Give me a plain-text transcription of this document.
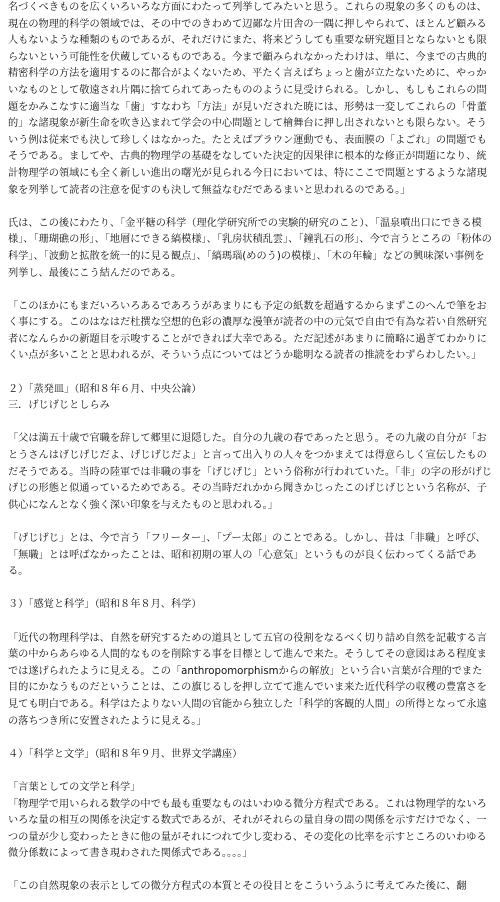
名づくべきものを広くいろいろな方面にわたって列挙してみたいと思う。これらの現象の多くのものは、現在の物理的科学の領域では、その中でのきわめて辺鄙な片田舎の一隅に押しやられて、ほとんど顧みる人もないような種類のものであるが、それだけにまた、将来どうしても重要な研究題目とならないとも限らないという可能性を伏蔵しているものである。今まで顧みられなかったわけは、単に、今までの古典的精密科学の方法を適用するのに都合がよくないため、平たく言えばちょっと歯が立たないために、やっかいなものとして敬遠され片隅に捨てられてあったもののように見受けられる。しかし、もしもこれらの問題をかみこなすに適当な「歯」すなわち「方法」が見いだされた暁には、形勢は一変してこれらの「骨董的」な諸現象が新生命を吹き込まれて学会の中心問題として檜舞台に押し出されないとも限らない。そういう例は従来でも決して珍しくはなかった。たとえばブラウン運動でも、表面膜の「よごれ」の問題でもそうである。ましてや、古典的物理学の基礎をなしていた決定的因果律に根本的な修正が問題になり、統計物理学の領域にも全く新しい進出の曙光が見られる今日においては、特にここで問題とするような諸現象を列挙して読者の注意を促すのも決して無益なむだであるまいと思われるのである。」

氏は、この後にわたり、「金平糖の科学（理化学研究所での実験的研究のこと）、「温泉噴出口にできる模様」、「珊瑚礁の形」、「地層にできる縞模様」、「乳房状積乱雲」、「鐘乳石の形」、今で言うところの「粉体の科学」、「波動と拡散を統一的に見る観点」、「縞瑪瑙(めのう)の模様」、「木の年輪」などの興味深い事例を列挙し、最後にこう結んだのである。

「このほかにもまだいろいろあるであろうがあまりにも予定の紙数を超過するからまずこのへんで筆をおく事にする。このはなはだ杜撰な空想的色彩の濃厚な漫筆が読者の中の元気で自由で有為な若い自然研究者になんらかの新題目を示唆することができれば大幸である。ただ記述があまりに簡略に過ぎてわかりにくい点が多いことと思われるが、そういう点についてはどうか聡明なる読者の推読をわずらわしたい。」

２）「蒸発皿」（昭和８年６月、中央公論）

三．げじげじとしらみ

「父は満五十歳で官職を辞して郷里に退隠した。自分の九歳の春であったと思う。その九歳の自分が「おとうさんはげじげじだよ、げじげじだよ」と言って出入りの人々をつかまえては得意らしく宣伝したものだそうである。当時の陸軍では非職の事を「げじげじ」という俗称が行われていた。「非」の字の形がげじげじの形態と似通っているためである。その当時だれかから聞きかじったこのげじげじという名称が、子供心になんとなく強く深い印象を与えたものと思われる。」

「げじげじ」とは、今で言う「フリーター」、「プー太郎」のことである。しかし、昔は「非職」と呼び、「無職」とは呼ばなかったことは、昭和初期の軍人の「心意気」というものが良く伝わってくる話である。

３）「感覚と科学」（昭和８年８月、科学）

「近代の物理科学は、自然を研究するための道具として五官の役割をなるべく切り詰め自然を記載する言葉の中からあらゆる人間的なものを削除する事を目標として進んで来た。そうしてその意図はある程度までは遂げられたように見える。この「anthropomorphismからの解放」という合い言葉が合理的でまた目的にかなうものだということは、この旗じるしを押し立てて進んでいま来た近代科学の収穫の豊富さを見ても明白である。科学はたよりない人間の官能から独立した「科学的客観的人間」の所得となって永遠の落ちつき所に安置されたように見える。」

４）「科学と文学」（昭和８年９月、世界文学講座）

「言葉としての文学と科学」

「物理学で用いられる数学の中でも最も重要なものはいわゆる微分方程式である。これは物理学的ないろいろな量の相互の関係を決定する数式であるが、それがそれらの量自身の間の関係を示すだけでなく、一つの量が少し変わったときに他の量がそれにつれて少し変わる、その変化の比率を示すところのいわゆる微分係数によって書き現わされた関係式である。。。。」

「この自然現象の表示としての微分方程式の本質とその役目とをこういうふうに考えてみた後に、翻
